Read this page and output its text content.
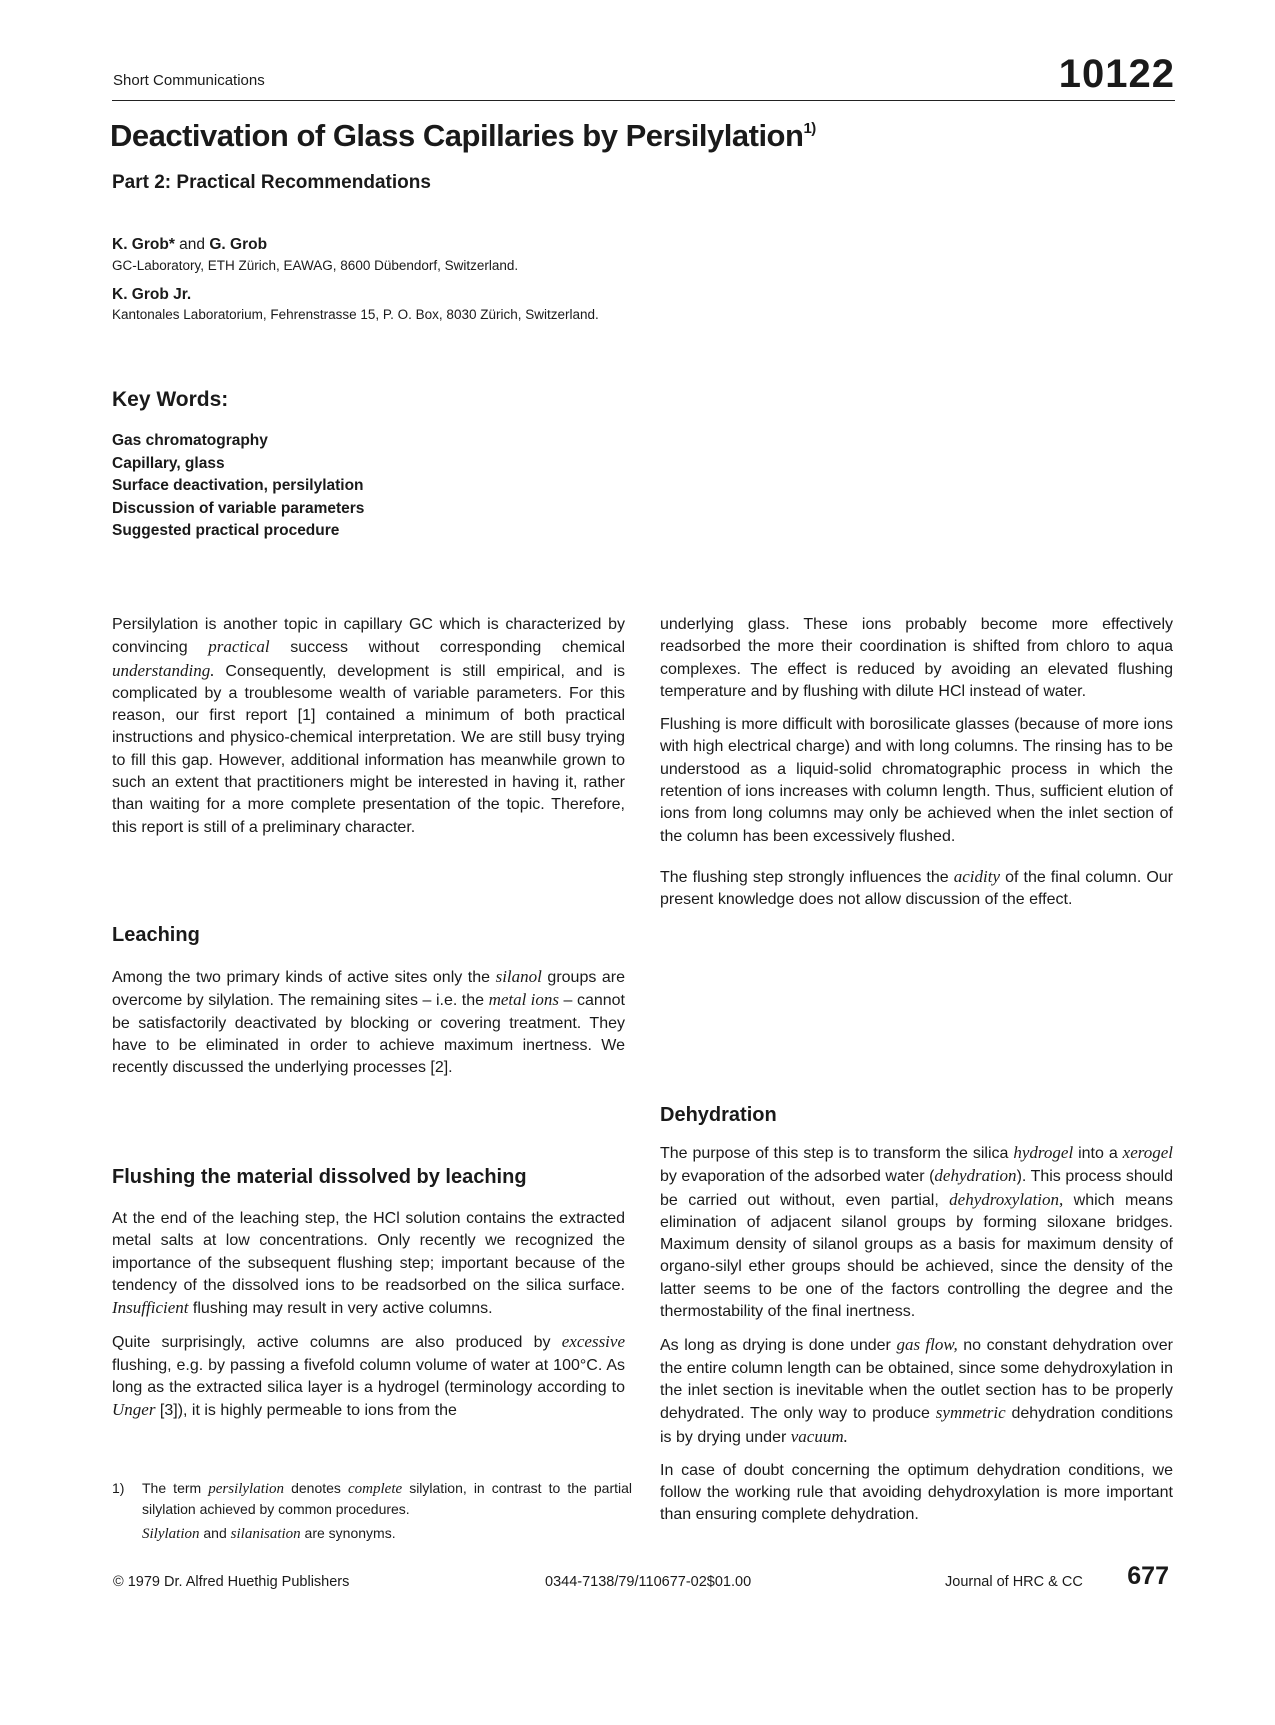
Short Communications	10122
Deactivation of Glass Capillaries by Persilylation$^{1)}$
Part 2: Practical Recommendations
K. Grob* and G. Grob
GC-Laboratory, ETH Zürich, EAWAG, 8600 Dübendorf, Switzerland.
K. Grob Jr.
Kantonales Laboratorium, Fehrenstrasse 15, P. O. Box, 8030 Zürich, Switzerland.
Key Words:
Gas chromatography
Capillary, glass
Surface deactivation, persilylation
Discussion of variable parameters
Suggested practical procedure

Persilylation is another topic in capillary GC which is characterized by convincing practical success without corresponding chemical understanding. Consequently, development is still empirical, and is complicated by a troublesome wealth of variable parameters. For this reason, our first report [1] contained a minimum of both practical instructions and physico-chemical interpretation. We are still busy trying to fill this gap. However, additional information has meanwhile grown to such an extent that practitioners might be interested in having it, rather than waiting for a more complete presentation of the topic. Therefore, this report is still of a preliminary character.

Leaching

Among the two primary kinds of active sites only the silanol groups are overcome by silylation. The remaining sites – i.e. the metal ions – cannot be satisfactorily deactivated by blocking or covering treatment. They have to be eliminated in order to achieve maximum inertness. We recently discussed the underlying processes [2].

Flushing the material dissolved by leaching

At the end of the leaching step, the HCl solution contains the extracted metal salts at low concentrations. Only recently we recognized the importance of the subsequent flushing step; important because of the tendency of the dissolved ions to be readsorbed on the silica surface. Insufficient flushing may result in very active columns.

Quite surprisingly, active columns are also produced by excessive flushing, e.g. by passing a fivefold column volume of water at 100°C. As long as the extracted silica layer is a hydrogel (terminology according to Unger [3]), it is highly permeable to ions from the

1) The term persilylation denotes complete silylation, in contrast to the partial silylation achieved by common procedures.
Silylation and silanisation are synonyms.

underlying glass. These ions probably become more effectively readsorbed the more their coordination is shifted from chloro to aqua complexes. The effect is reduced by avoiding an elevated flushing temperature and by flushing with dilute HCl instead of water.

Flushing is more difficult with borosilicate glasses (because of more ions with high electrical charge) and with long columns. The rinsing has to be understood as a liquid-solid chromatographic process in which the retention of ions increases with column length. Thus, sufficient elution of ions from long columns may only be achieved when the inlet section of the column has been excessively flushed.

The flushing step strongly influences the acidity of the final column. Our present knowledge does not allow discussion of the effect.

Dehydration

The purpose of this step is to transform the silica hydrogel into a xerogel by evaporation of the adsorbed water (dehydration). This process should be carried out without, even partial, dehydroxylation, which means elimination of adjacent silanol groups by forming siloxane bridges. Maximum density of silanol groups as a basis for maximum density of organo-silyl ether groups should be achieved, since the density of the latter seems to be one of the factors controlling the degree and the thermostability of the final inertness.

As long as drying is done under gas flow, no constant dehydration over the entire column length can be obtained, since some dehydroxylation in the inlet section is inevitable when the outlet section has to be properly dehydrated. The only way to produce symmetric dehydration conditions is by drying under vacuum.

In case of doubt concerning the optimum dehydration conditions, we follow the working rule that avoiding dehydroxylation is more important than ensuring complete dehydration.

© 1979 Dr. Alfred Huethig Publishers	0344-7138/79/110677-02$01.00	Journal of HRC & CC 677
